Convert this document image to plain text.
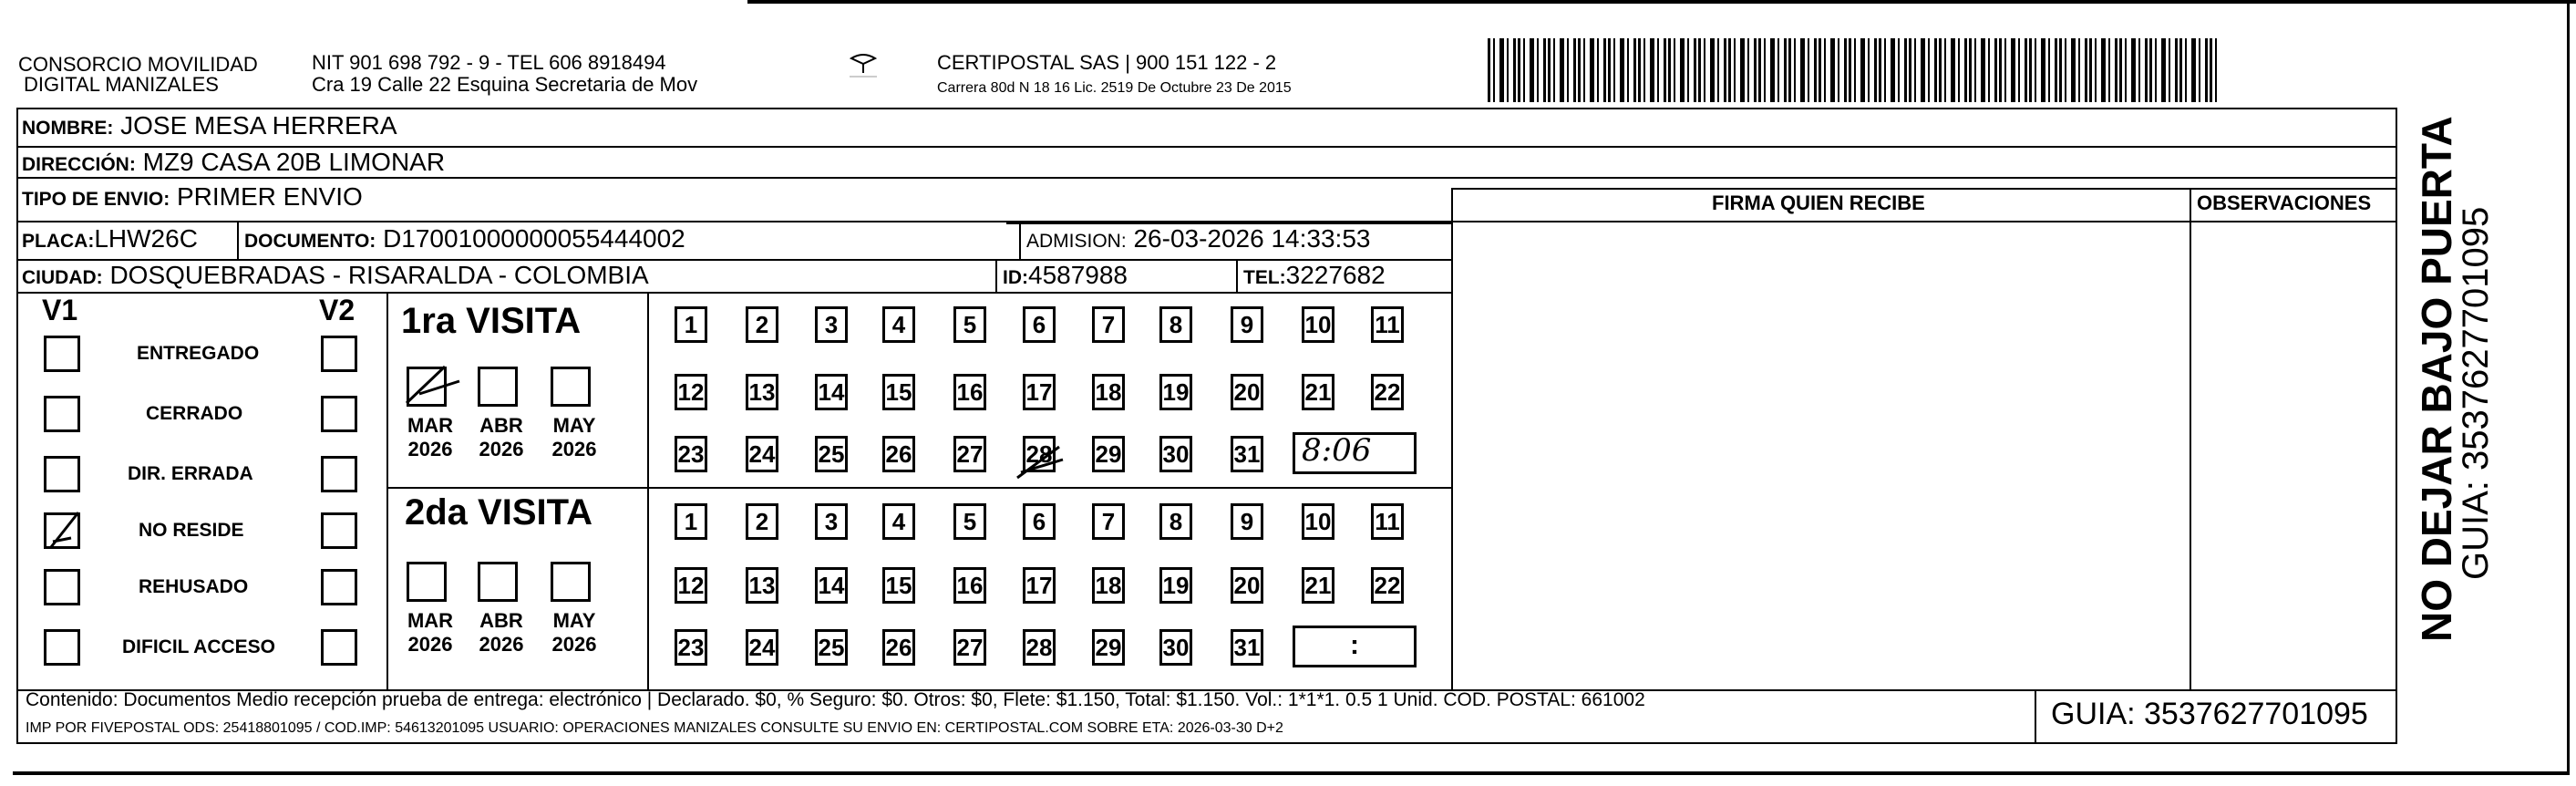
CONSORCIO MOVILIDAD
DIGITAL MANIZALES
NIT 901 698 792 - 9 - TEL 606 8918494
Cra 19 Calle 22 Esquina Secretaria de Mov
CERTIPOSTAL SAS | 900 151 122 - 2
Carrera 80d N 18 16 Lic. 2519 De Octubre 23 De 2015
NOMBRE: JOSE MESA HERRERA
DIRECCIÓN: MZ9 CASA 20B LIMONAR
TIPO DE ENVIO: PRIMER ENVIO	FIRMA QUIEN RECIBE	OBSERVACIONES
PLACA:LHW26C DOCUMENTO: D17001000000055444002	ADMISION: 26-03-2026 14:33:53
CIUDAD: DOSQUEBRADAS - RISARALDA - COLOMBIA	ID:4587988	TEL:3227682
V1	V2
ENTREGADO
CERRADO
DIR. ERRADA
NO RESIDE
REHUSADO
DIFICIL ACCESO
1ra VISITA
2da VISITA
MAR
2026
ABR
2026
MAY
2026
MAR
2026
ABR
2026
MAY
2026
1	2	3	4	5	6	7	8	9	10 11
12 13 14 15 16 17 18 19 20 21 22
23 24 25 26 27 28 29 30 31
1	2	3	4	5	6	7	8	9	10 11
12 13 14 15 16 17 18 19 20 21 22
23 24 25 26 27 28 29 30 31
8:06
:
Contenido: Documentos Medio recepción prueba de entrega: electrónico | Declarado. $0, % Seguro: $0. Otros: $0, Flete: $1.150, Total: $1.150. Vol.: 1*1*1. 0.5 1 Unid. COD. POSTAL: 661002
IMP POR FIVEPOSTAL ODS: 25418801095 / COD.IMP: 54613201095 USUARIO: OPERACIONES MANIZALES CONSULTE SU ENVIO EN: CERTIPOSTAL.COM SOBRE ETA: 2026-03-30 D+2	GUIA: 3537627701095
NO DEJAR BAJO PUERTA
GUIA: 3537627701095
